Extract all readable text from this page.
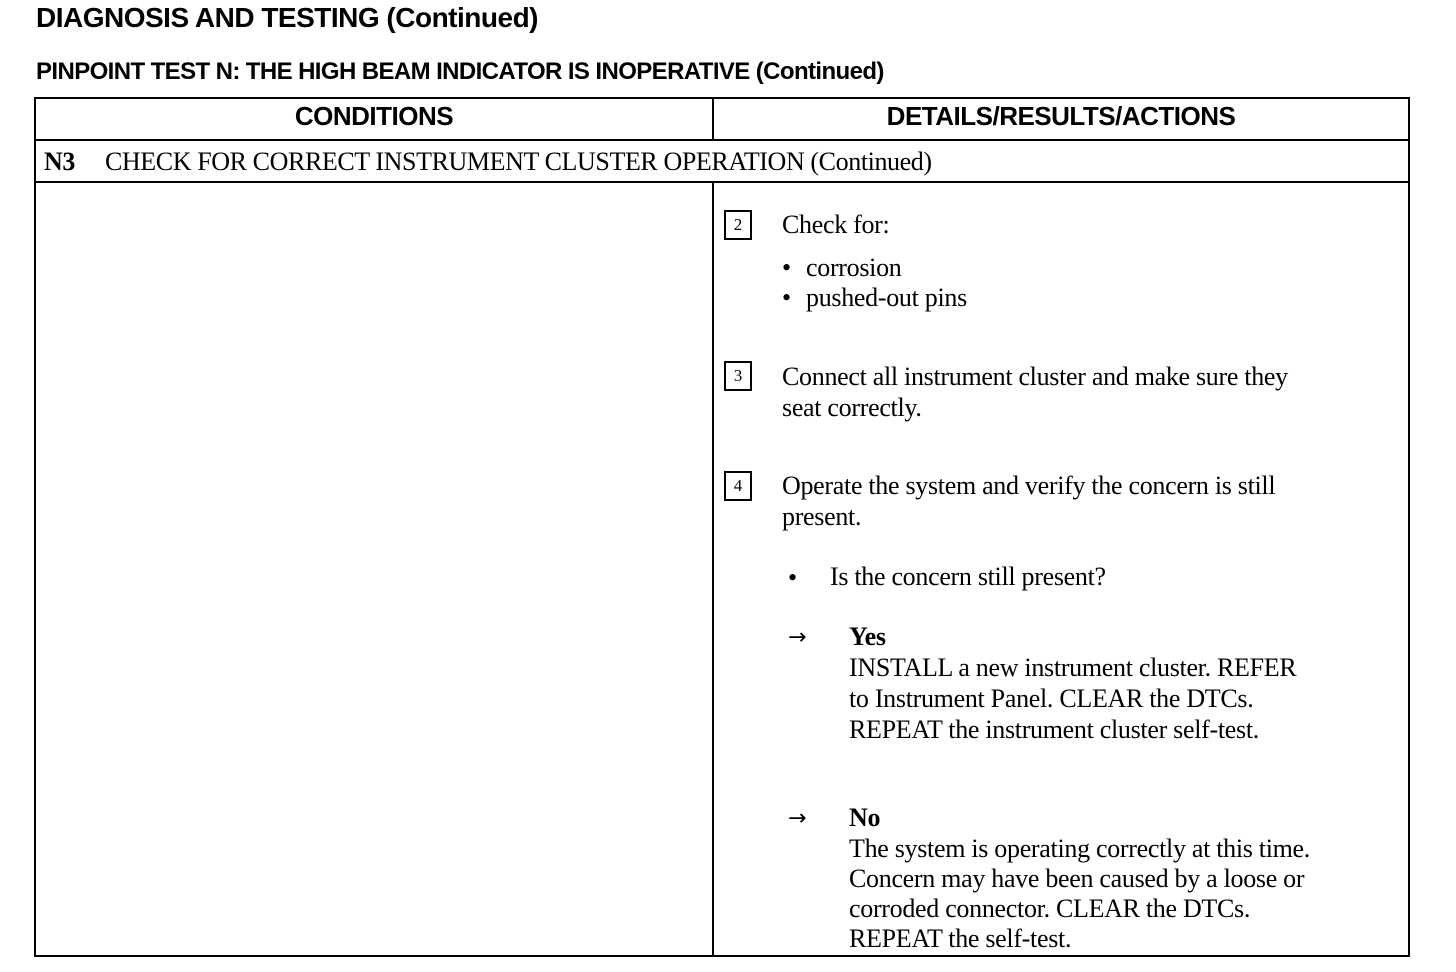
DIAGNOSIS AND TESTING (Continued)
PINPOINT TEST N: THE HIGH BEAM INDICATOR IS INOPERATIVE (Continued)
CONDITIONS	DETAILS/RESULTS/ACTIONS
N3 CHECK FOR CORRECT INSTRUMENT CLUSTER OPERATION (Continued)
2	Check for:
• corrosion
• pushed-out pins
3	Connect all instrument cluster and make sure they
seat correctly.
4	Operate the system and verify the concern is still
present.
• Is the concern still present?
→ Yes
INSTALL a new instrument cluster. REFER
to Instrument Panel. CLEAR the DTCs.
REPEAT the instrument cluster self-test.
→ No
The system is operating correctly at this time.
Concern may have been caused by a loose or
corroded connector. CLEAR the DTCs.
REPEAT the self-test.
